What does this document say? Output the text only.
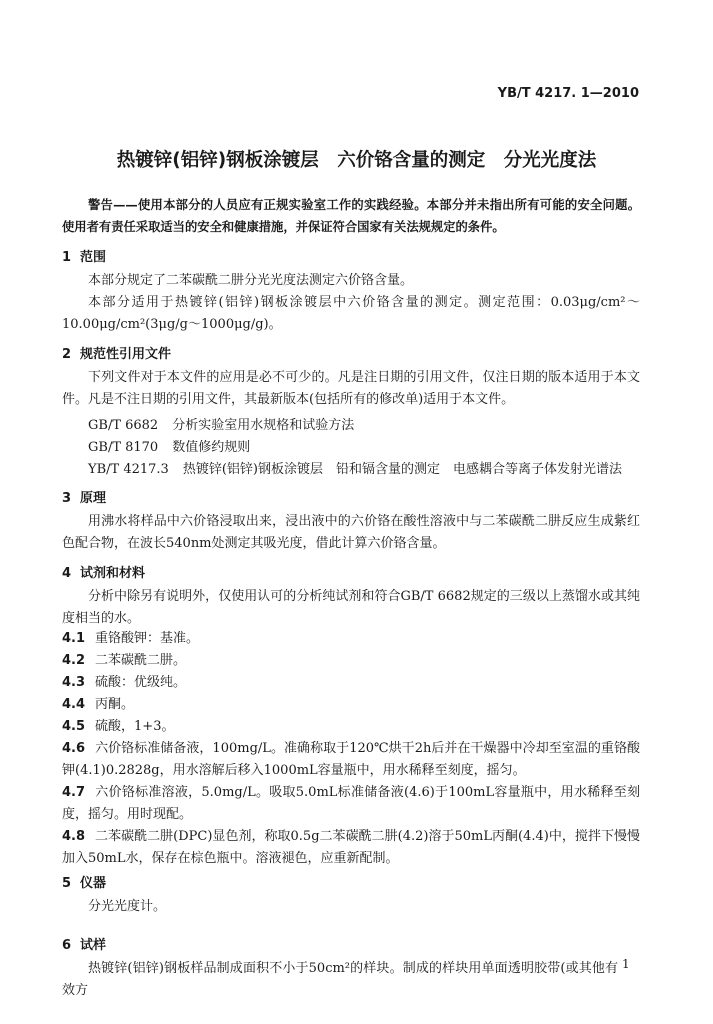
YB/T 4217. 1—2010
热镀锌(铝锌)钢板涂镀层　六价铬含量的测定　分光光度法

警告——使用本部分的人员应有正规实验室工作的实践经验。本部分并未指出所有可能的安全问题。使用者有责任采取适当的安全和健康措施，并保证符合国家有关法规规定的条件。

1 范围

本部分规定了二苯碳酰二肼分光光度法测定六价铬含量。

本部分适用于热镀锌(铝锌)钢板涂镀层中六价铬含量的测定。测定范围：0.03μg/cm²～10.00μg/cm²(3μg/g～1000μg/g)。

2 规范性引用文件

下列文件对于本文件的应用是必不可少的。凡是注日期的引用文件，仅注日期的版本适用于本文件。凡是不注日期的引用文件，其最新版本(包括所有的修改单)适用于本文件。

GB/T 6682 分析实验室用水规格和试验方法
GB/T 8170 数值修约规则
YB/T 4217.3 热镀锌(铝锌)钢板涂镀层　铅和镉含量的测定　电感耦合等离子体发射光谱法
3 原理

用沸水将样品中六价铬浸取出来，浸出液中的六价铬在酸性溶液中与二苯碳酰二肼反应生成紫红色配合物，在波长540nm处测定其吸光度，借此计算六价铬含量。

4 试剂和材料

分析中除另有说明外，仅使用认可的分析纯试剂和符合GB/T 6682规定的三级以上蒸馏水或其纯度相当的水。

4.1 重铬酸钾：基准。

4.2 二苯碳酰二肼。

4.3 硫酸：优级纯。

4.4 丙酮。

4.5 硫酸，1+3。

4.6 六价铬标准储备液，100mg/L。准确称取于120℃烘干2h后并在干燥器中冷却至室温的重铬酸钾(4.1)0.2828g，用水溶解后移入1000mL容量瓶中，用水稀释至刻度，摇匀。

4.7 六价铬标准溶液，5.0mg/L。吸取5.0mL标准储备液(4.6)于100mL容量瓶中，用水稀释至刻度，摇匀。用时现配。

4.8 二苯碳酰二肼(DPC)显色剂，称取0.5g二苯碳酰二肼(4.2)溶于50mL丙酮(4.4)中，搅拌下慢慢加入50mL水，保存在棕色瓶中。溶液褪色，应重新配制。

5 仪器

分光光度计。

6 试样

热镀锌(铝锌)钢板样品制成面积不小于50cm²的样块。制成的样块用单面透明胶带(或其他有效方

1
